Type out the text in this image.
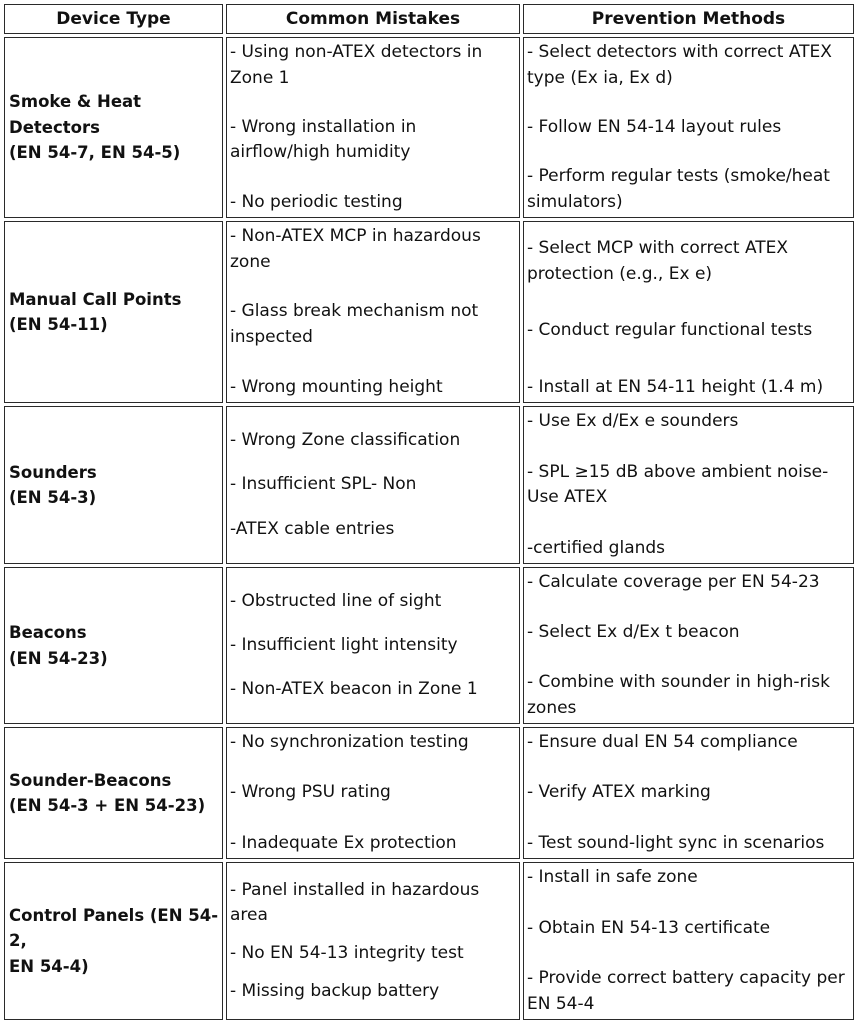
Device Type	Common Mistakes	Prevention Methods
Smoke & Heat Detectors
(EN 54-7, EN 54-5)
- Using non-ATEX detectors in
Zone 1
- Wrong installation in
airflow/high humidity
- No periodic testing
- Select detectors with correct ATEX
type (Ex ia, Ex d)
- Follow EN 54-14 layout rules
- Perform regular tests (smoke/heat
simulators)
Manual Call Points
(EN 54-11)
- Non-ATEX MCP in hazardous
zone
- Glass break mechanism not
inspected
- Wrong mounting height
- Select MCP with correct ATEX
protection (e.g., Ex e)
- Conduct regular functional tests
- Install at EN 54-11 height (1.4 m)
Sounders
(EN 54-3)
- Wrong Zone classification
- Insufficient SPL- Non
-ATEX cable entries
- Use Ex d/Ex e sounders
- SPL ≥15 dB above ambient noise-
Use ATEX
-certified glands
Beacons
(EN 54-23)
- Obstructed line of sight
- Insufficient light intensity
- Non-ATEX beacon in Zone 1
- Calculate coverage per EN 54-23
- Select Ex d/Ex t beacon
- Combine with sounder in high-risk
zones
Sounder-Beacons
(EN 54-3 + EN 54-23)
- No synchronization testing
- Wrong PSU rating
- Inadequate Ex protection
- Ensure dual EN 54 compliance
- Verify ATEX marking
- Test sound-light sync in scenarios
Control Panels (EN 54-2,
EN 54-4)
- Panel installed in hazardous area
- No EN 54-13 integrity test
- Missing backup battery
- Install in safe zone
- Obtain EN 54-13 certificate
- Provide correct battery capacity per
EN 54-4
